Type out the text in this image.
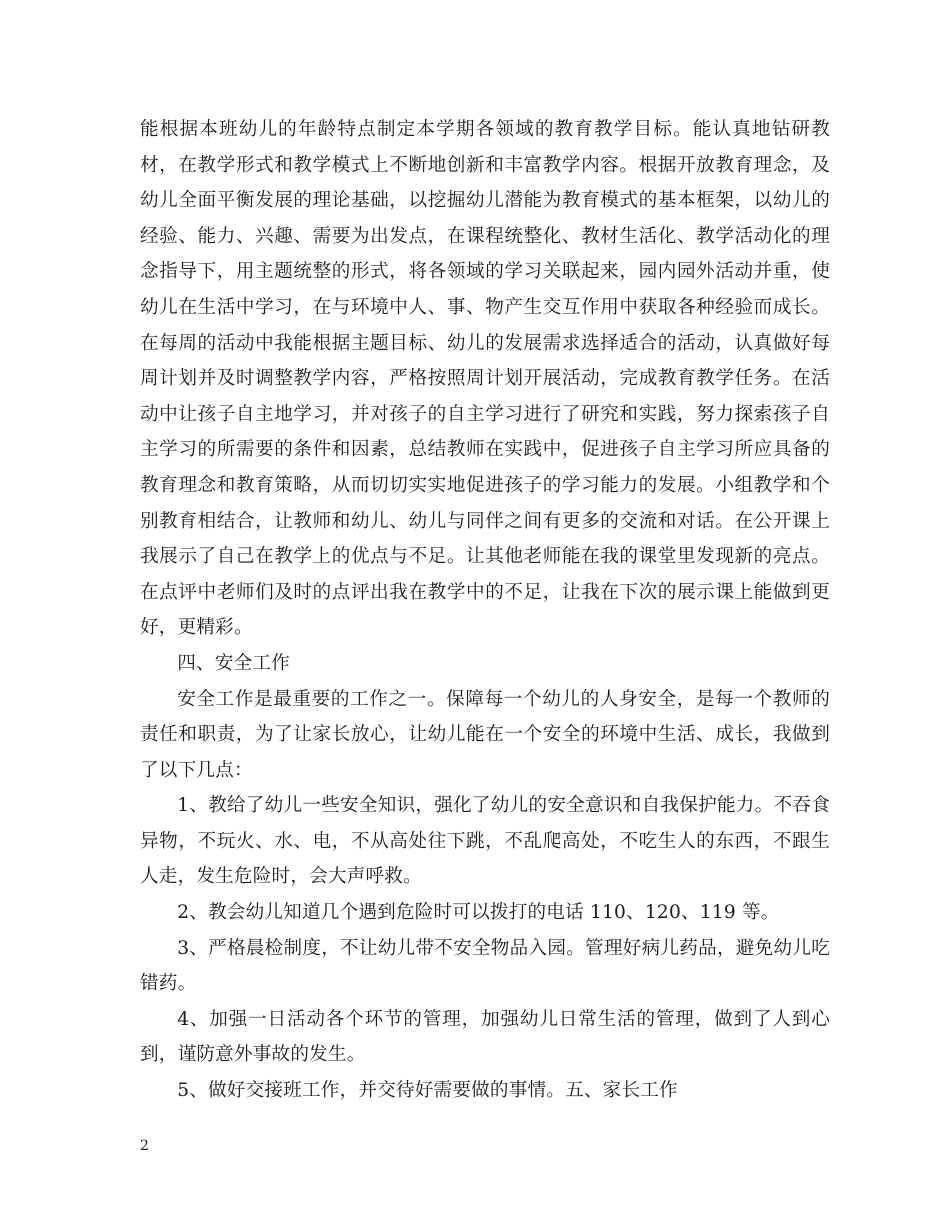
能根据本班幼儿的年龄特点制定本学期各领域的教育教学目标。能认真地钻研教材，在教学形式和教学模式上不断地创新和丰富教学内容。根据开放教育理念，及幼儿全面平衡发展的理论基础，以挖掘幼儿潜能为教育模式的基本框架，以幼儿的经验、能力、兴趣、需要为出发点，在课程统整化、教材生活化、教学活动化的理念指导下，用主题统整的形式，将各领域的学习关联起来，园内园外活动并重，使幼儿在生活中学习，在与环境中人、事、物产生交互作用中获取各种经验而成长。在每周的活动中我能根据主题目标、幼儿的发展需求选择适合的活动，认真做好每周计划并及时调整教学内容，严格按照周计划开展活动，完成教育教学任务。在活动中让孩子自主地学习，并对孩子的自主学习进行了研究和实践，努力探索孩子自主学习的所需要的条件和因素，总结教师在实践中，促进孩子自主学习所应具备的教育理念和教育策略，从而切切实实地促进孩子的学习能力的发展。小组教学和个别教育相结合，让教师和幼儿、幼儿与同伴之间有更多的交流和对话。在公开课上我展示了自己在教学上的优点与不足。让其他老师能在我的课堂里发现新的亮点。在点评中老师们及时的点评出我在教学中的不足，让我在下次的展示课上能做到更好，更精彩。

四、安全工作

安全工作是最重要的工作之一。保障每一个幼儿的人身安全，是每一个教师的责任和职责，为了让家长放心，让幼儿能在一个安全的环境中生活、成长，我做到了以下几点：

1、教给了幼儿一些安全知识，强化了幼儿的安全意识和自我保护能力。不吞食异物，不玩火、水、电，不从高处往下跳，不乱爬高处，不吃生人的东西，不跟生人走，发生危险时，会大声呼救。

2、教会幼儿知道几个遇到危险时可以拨打的电话 110、120、119 等。

3、严格晨检制度，不让幼儿带不安全物品入园。管理好病儿药品，避免幼儿吃错药。

4、加强一日活动各个环节的管理，加强幼儿日常生活的管理，做到了人到心到，谨防意外事故的发生。

5、做好交接班工作，并交待好需要做的事情。五、家长工作

2
